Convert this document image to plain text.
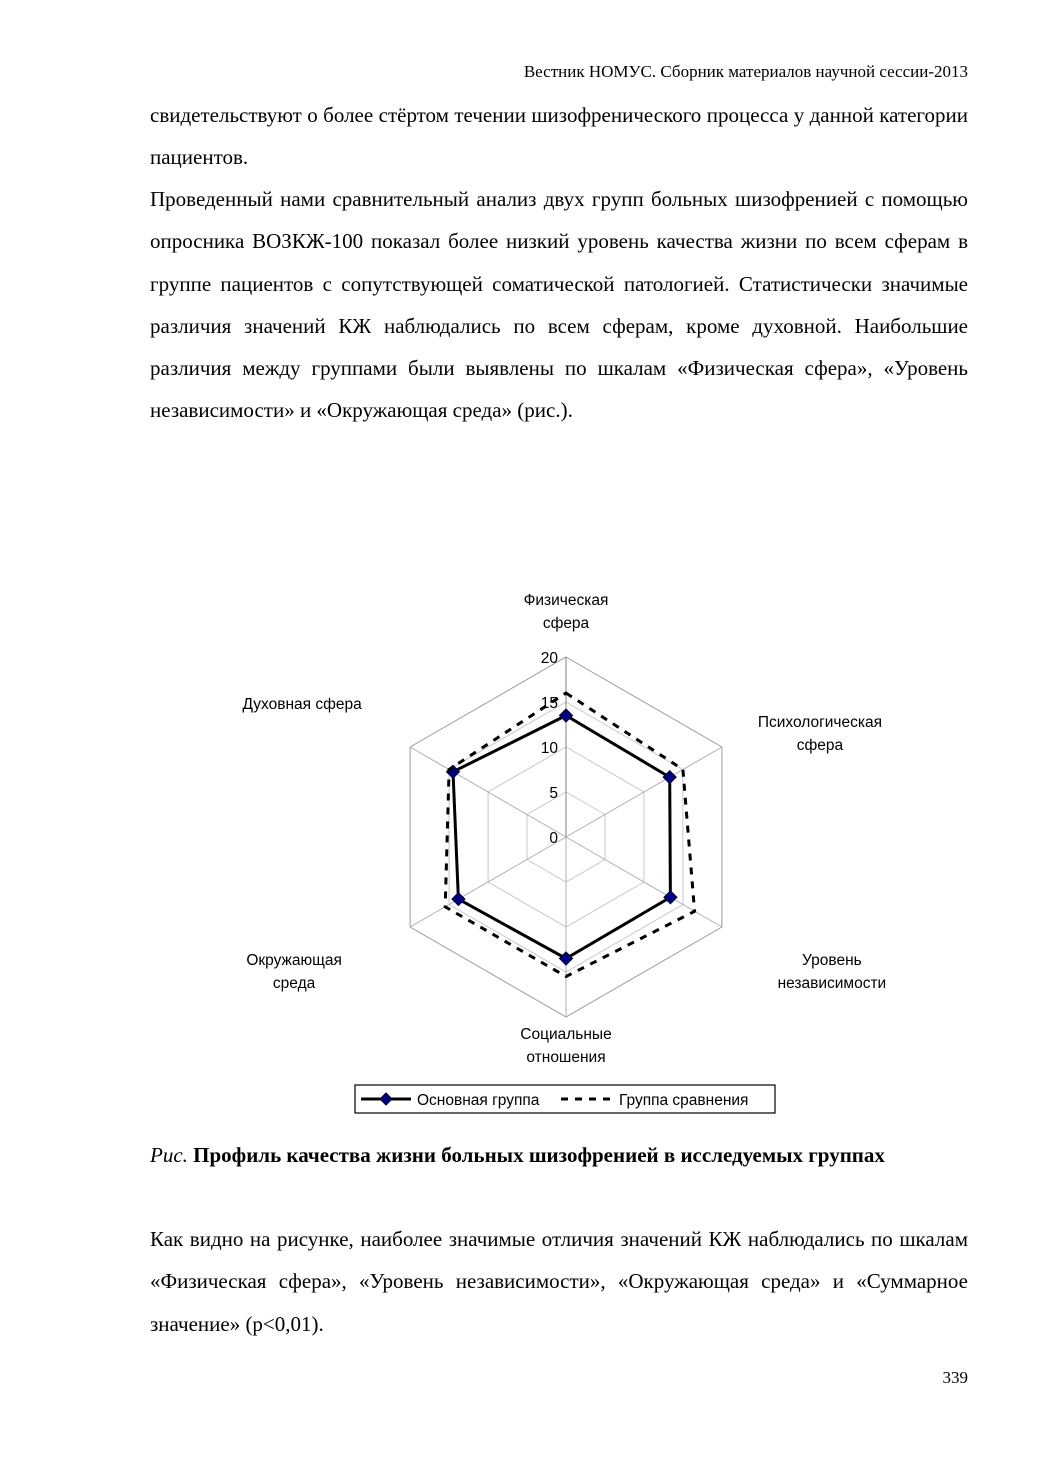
Вестник НОМУС. Сборник материалов научной сессии-2013

свидетельствуют о более стёртом течении шизофренического процесса у данной категории пациентов.

Проведенный нами сравнительный анализ двух групп больных шизофренией с помощью опросника ВОЗКЖ-100 показал более низкий уровень качества жизни по всем сферам в группе пациентов с сопутствующей соматической патологией. Статистически значимые различия значений КЖ наблюдались по всем сферам, кроме духовной. Наибольшие различия между группами были выявлены по шкалам «Физическая сфера», «Уровень независимости» и «Окружающая среда» (рис.).

0
5
10
15
20
Физическая
сфера
Психологическая
сфера
Уровень
независимости
Социальные
отношения
Окружающая
среда
Духовная сфера
Основная группа	Группа сравнения

Рис. Профиль качества жизни больных шизофренией в исследуемых группах

Как видно на рисунке, наиболее значимые отличия значений КЖ наблюдались по шкалам «Физическая сфера», «Уровень независимости», «Окружающая среда» и «Суммарное значение» (p<0,01).

339
